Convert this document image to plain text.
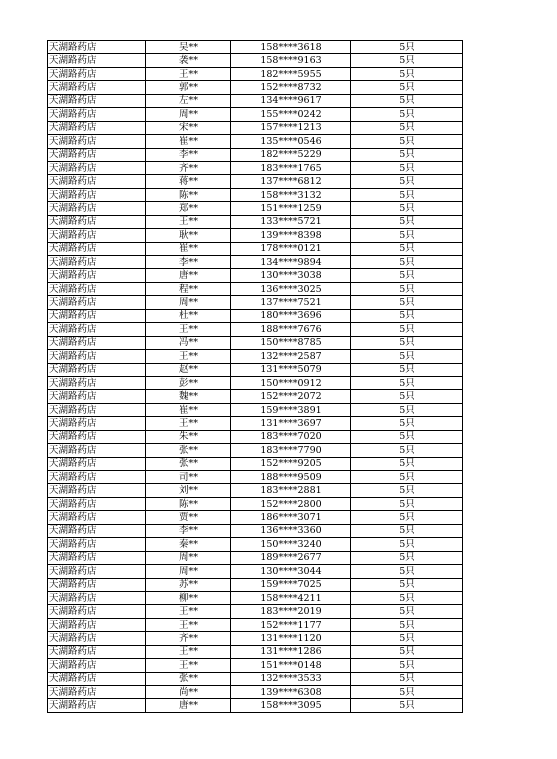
天湖路药店	吴**	158****3618	5只
天湖路药店	袭**	158****9163	5只
天湖路药店	王**	182****5955	5只
天湖路药店	郭**	152****8732	5只
天湖路药店	左**	134****9617	5只
天湖路药店	周**	155****0242	5只
天湖路药店	宋**	157****1213	5只
天湖路药店	崔**	135****0546	5只
天湖路药店	李**	182****5229	5只
天湖路药店	齐**	183****1765	5只
天湖路药店	蒋**	137****6812	5只
天湖路药店	陈**	158****3132	5只
天湖路药店	郑**	151****1259	5只
天湖路药店	王**	133****5721	5只
天湖路药店	耿**	139****8398	5只
天湖路药店	崔**	178****0121	5只
天湖路药店	李**	134****9894	5只
天湖路药店	唐**	130****3038	5只
天湖路药店	程**	136****3025	5只
天湖路药店	周**	137****7521	5只
天湖路药店	杜**	180****3696	5只
天湖路药店	王**	188****7676	5只
天湖路药店	冯**	150****8785	5只
天湖路药店	王**	132****2587	5只
天湖路药店	赵**	131****5079	5只
天湖路药店	彭**	150****0912	5只
天湖路药店	魏**	152****2072	5只
天湖路药店	崔**	159****3891	5只
天湖路药店	王**	131****3697	5只
天湖路药店	朱**	183****7020	5只
天湖路药店	张**	183****7790	5只
天湖路药店	张**	152****9205	5只
天湖路药店	司**	188****9509	5只
天湖路药店	刘**	183****2881	5只
天湖路药店	陈**	152****2800	5只
天湖路药店	贾**	186****3071	5只
天湖路药店	李**	136****3360	5只
天湖路药店	秦**	150****3240	5只
天湖路药店	周**	189****2677	5只
天湖路药店	周**	130****3044	5只
天湖路药店	苏**	159****7025	5只
天湖路药店	柳**	158****4211	5只
天湖路药店	王**	183****2019	5只
天湖路药店	王**	152****1177	5只
天湖路药店	齐**	131****1120	5只
天湖路药店	王**	131****1286	5只
天湖路药店	王**	151****0148	5只
天湖路药店	张**	132****3533	5只
天湖路药店	尚**	139****6308	5只
天湖路药店	唐**	158****3095	5只
